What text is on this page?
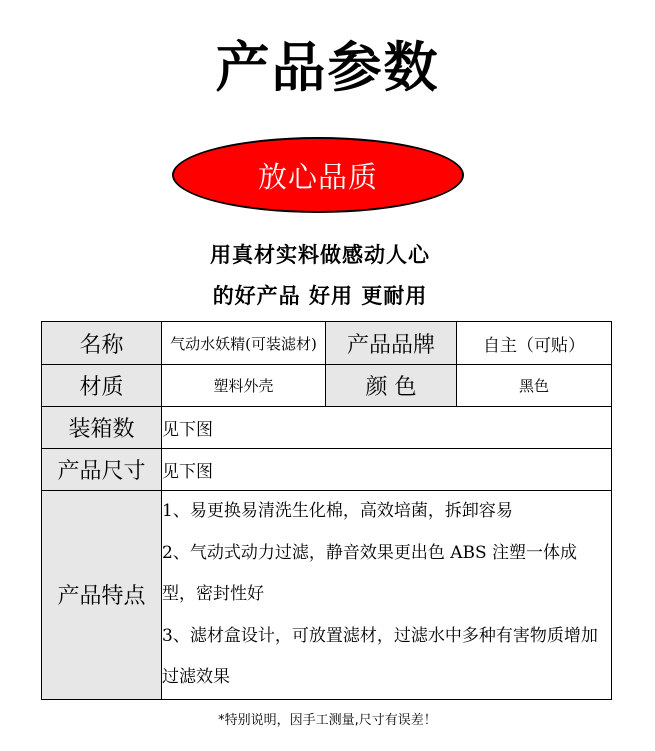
产品参数
放心品质
用真材实料做感动人心
的好产品 好用 更耐用
名称	气动水妖精(可装滤材)	产品品牌	自主（可贴）
材质	塑料外壳	颜 色	黑色
装箱数	见下图		
产品尺寸	见下图		
产品特点	1、易更换易清洗生化棉，高效培菌，拆卸容易

2、气动式动力过滤，静音效果更出色 ABS 注塑一体成型，密封性好

3、滤材盒设计，可放置滤材，过滤水中多种有害物质增加过滤效果		

*特别说明，因手工测量,尺寸有误差！
